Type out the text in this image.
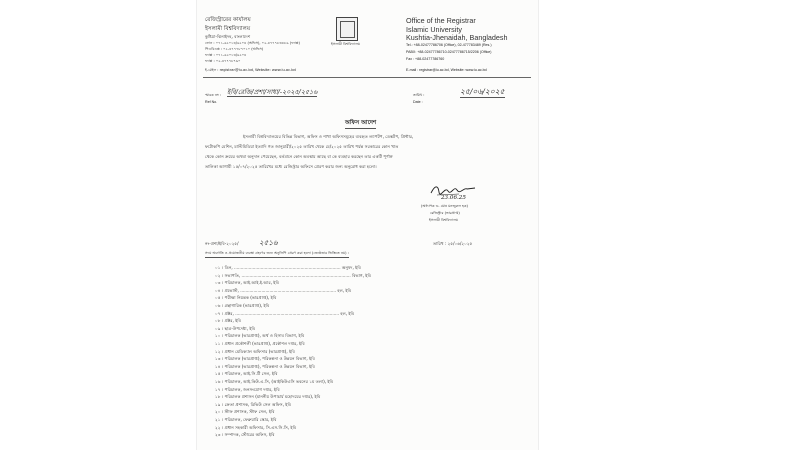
রেজিস্ট্রারের কার্যালয়
ইসলামী বিশ্ববিদ্যালয়
কুষ্টিয়া-ঝিনাইদহ, বাংলাদেশ
ফোন : ০৭১-৬২০১৩/৬২০৪ (অফিস), ০২-৪৭৭৭৮৩৪৮৯ (ফ্যাক্স)
পিএবিএক্স : ০২-৪৭৭৭৮৭০১০ (অফিস)
ফ্যাক্স : ০৭১-৬২০১৩/৬২০৪
ফ্যাক্স : ০২-৪৭৭৭৮৭৬০
ই-মেইল : registrar@iu.ac.bd, Website: www.iu.ac.bd
ইসলামী বিশ্ববিদ্যালয়
Office of the Registrar
Islamic University
Kushtia-Jhenaidah, Bangladesh
Tel.: +88-02477786706 (Office), 02-477783489 (Res.)
PABX: +88-02477786710-02477786715/2206 (Office)
Fax : +88-02477786760
E-mail : registrar@iu.ac.bd, Website: www.iu.ac.bd
স্মারক নং :
Ref No.
ইবি/রেজি/প্রশা/সাধা/-২০২৫/২৫১৬	তারিখ :
Date :
২৫/০৬/২০২৫
অফিস আদেশ
ইসলামী বিশ্ববিদ্যালয়ের বিভিন্ন বিভাগ, অফিস ও শাখা অফিসসমূহের ব্যবহৃত ল্যাপটপ, ডেস্কটপ, প্রিন্টার,
ফটোকপি মেশিন, মাল্টিমিডিয়া ইত্যাদি গত জানুয়ারী/২০২৫ তারিখ থেকে মে/২০২৫ তারিখ পর্যন্ত সরকারের কোন খাত
থেকে কোন ক্রয়ের অথবা অনুদান পেয়েছেন, বর্তমানে কোন অবস্থায় আছে বা কে ব্যবহার করছেন তার একটি পূর্ণাঙ্গ
তালিকা আগামী ১৫/০৭/২০২৫ তারিখের মধ্যে রেজিস্ট্রার অফিসে প্রেরণ করার জন্য অনুরোধ করা হলো।
23.06.25
(অধ্যাপক ড. মোঃ মনজুরুল হক)
রেজিস্ট্রার (ভারপ্রাপ্ত)
ইসলামী বিশ্ববিদ্যালয়
নং-প্রশা/ইবি-২০২৫/	২৫১৬	তারিখ : ২৫/০৬/২০২৫
সদয় অবগতি ও প্রয়োজনীয় ব্যবস্থা গ্রহণের জন্য অনুলিপি প্রেরণ করা হলো (জ্যেষ্ঠতার ভিত্তিতে নয়) :
০১ । ডিন, ................................................................................ অনুষদ, ইবি
০২ । সভাপতি, .................................................................................. বিভাগ, ইবি
০৩ । পরিচালক, আই.আই.ই.আর, ইবি
০৪ । প্রভোস্ট, ........................................................................ হল, ইবি
০৫ । পরীক্ষা নিয়ন্ত্রক (ভারপ্রাপ্ত), ইবি
০৬ । গ্রন্থাগারিক (ভারপ্রাপ্ত), ইবি
০৭ । প্রক্টর, .............................................................................. হল, ইবি
০৮ । প্রক্টর, ইবি
০৯ । ছাত্র-উপদেষ্টা, ইবি
১০ । পরিচালক (ভারপ্রাপ্ত), অর্থ ও হিসাব বিভাগ, ইবি
১১ । প্রধান প্রকৌশলী (ভারপ্রাপ্ত), প্রকৌশল দপ্তর, ইবি
১২ । প্রধান মেডিক্যাল অফিসার (ভারপ্রাপ্ত), ইবি
১৩ । পরিচালক (ভারপ্রাপ্ত), পরিকল্পনা ও উন্নয়ন বিভাগ, ইবি
১৪ । পরিচালক (ভারপ্রাপ্ত), পরিকল্পনা ও উন্নয়ন বিভাগ, ইবি
১৫ । পরিচালক, আই.সি.টি সেল, ইবি
১৬ । পরিচালক, আই.কিউ.এ.সি, (আইকিউএসি ভবনের ১ম তলা), ইবি
১৭ । পরিচালক, জনসংযোগ দপ্তর, ইবি
১৮ । পরিচালক প্রশাসন (মাননীয় উপাচার্য মহোদয়ের দপ্তর), ইবি
১৯ । ক্রেতা প্রশাসক, রিভিউ সেল অফিস, ইবি
২০ । স্টাফ প্রশাসক, স্টাফ সেল, ইবি
২১ । পরিচালক, ফেব্রুয়ারি স্কোর, ইবি
২২ । প্রধান সহকারী অফিসার, সি.এস.সি.সি, ইবি
২৩ । সম্পাদক, স্টোরের অফিস, ইবি
